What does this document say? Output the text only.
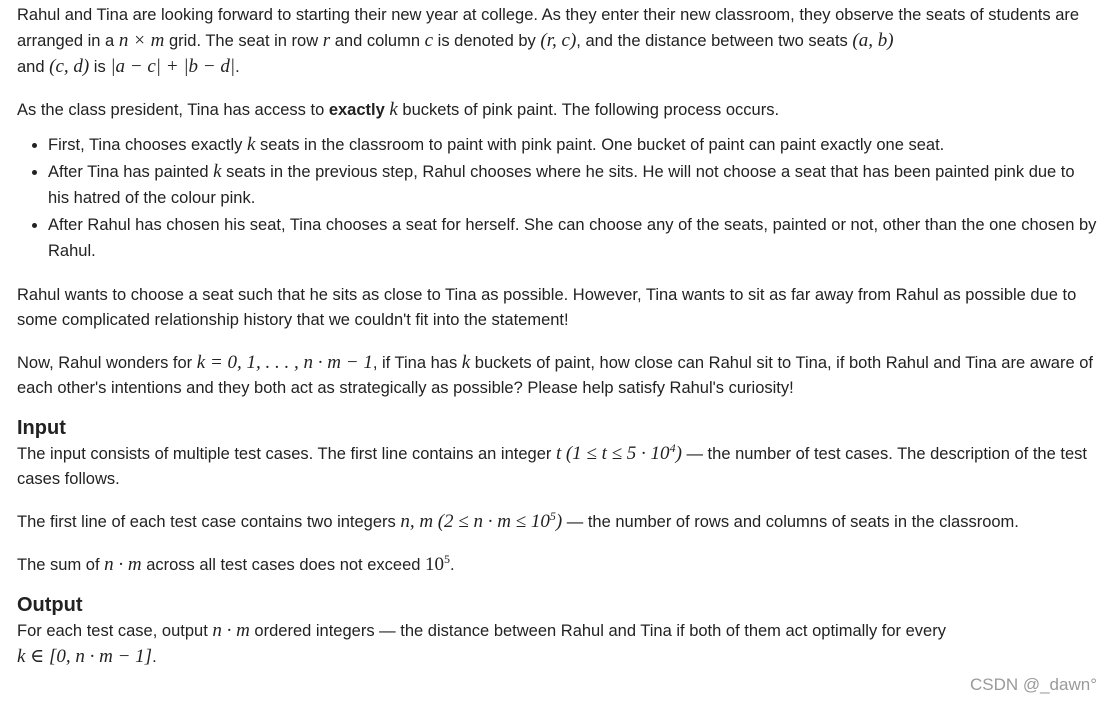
Rahul and Tina are looking forward to starting their new year at college. As they enter their new classroom, they observe the seats of students are arranged in a n × m grid. The seat in row r and column c is denoted by (r, c), and the distance between two seats (a, b)
and (c, d) is |a − c| + |b − d|.

As the class president, Tina has access to exactly k buckets of pink paint. The following process occurs.

• First, Tina chooses exactly k seats in the classroom to paint with pink paint. One bucket of paint can paint exactly one seat.
• After Tina has painted k seats in the previous step, Rahul chooses where he sits. He will not choose a seat that has been painted pink due to his hatred of the colour pink.
• After Rahul has chosen his seat, Tina chooses a seat for herself. She can choose any of the seats, painted or not, other than the one chosen by Rahul.

Rahul wants to choose a seat such that he sits as close to Tina as possible. However, Tina wants to sit as far away from Rahul as possible due to some complicated relationship history that we couldn't fit into the statement!

Now, Rahul wonders for k = 0, 1, . . . , n · m − 1, if Tina has k buckets of paint, how close can Rahul sit to Tina, if both Rahul and Tina are aware of each other's intentions and they both act as strategically as possible? Please help satisfy Rahul's curiosity!

Input

The input consists of multiple test cases. The first line contains an integer t $(1 \le t \le 5 \cdot 10^4)$ — the number of test cases. The description of the test cases follows.

The first line of each test case contains two integers n, m $(2 \le n \cdot m \le 10^5)$ — the number of rows and columns of seats in the classroom.

The sum of n · m across all test cases does not exceed $10^5$.

Output

For each test case, output n · m ordered integers — the distance between Rahul and Tina if both of them act optimally for every
k ∈ [0, n · m − 1].

CSDN @_dawn°
